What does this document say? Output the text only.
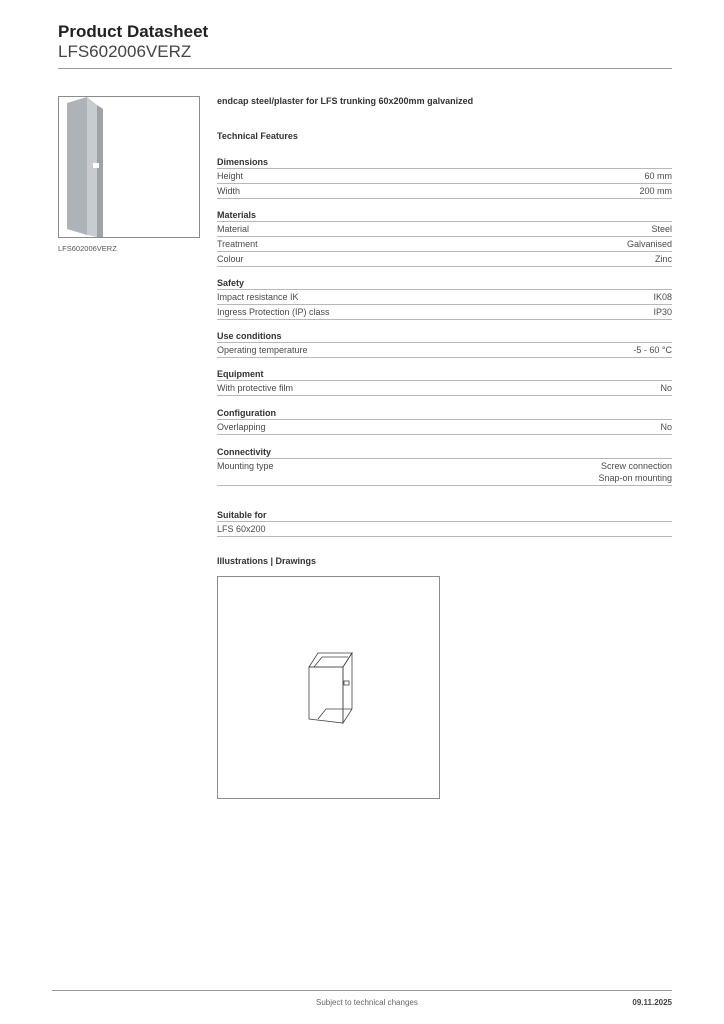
Product Datasheet
LFS602006VERZ
LFS602006VERZ
endcap steel/plaster for LFS trunking 60x200mm galvanized
Technical Features
Dimensions
Height	60 mm
Width	200 mm
Materials
Material	Steel
Treatment	Galvanised
Colour	Zinc
Safety
Impact resistance IK	IK08
Ingress Protection (IP) class	IP30
Use conditions
Operating temperature	-5 - 60 °C
Equipment
With protective film	No
Configuration
Overlapping	No
Connectivity
Mounting type	Screw connection
Snap-on mounting
Suitable for
LFS 60x200
Illustrations | Drawings
Subject to technical changes	09.11.2025
